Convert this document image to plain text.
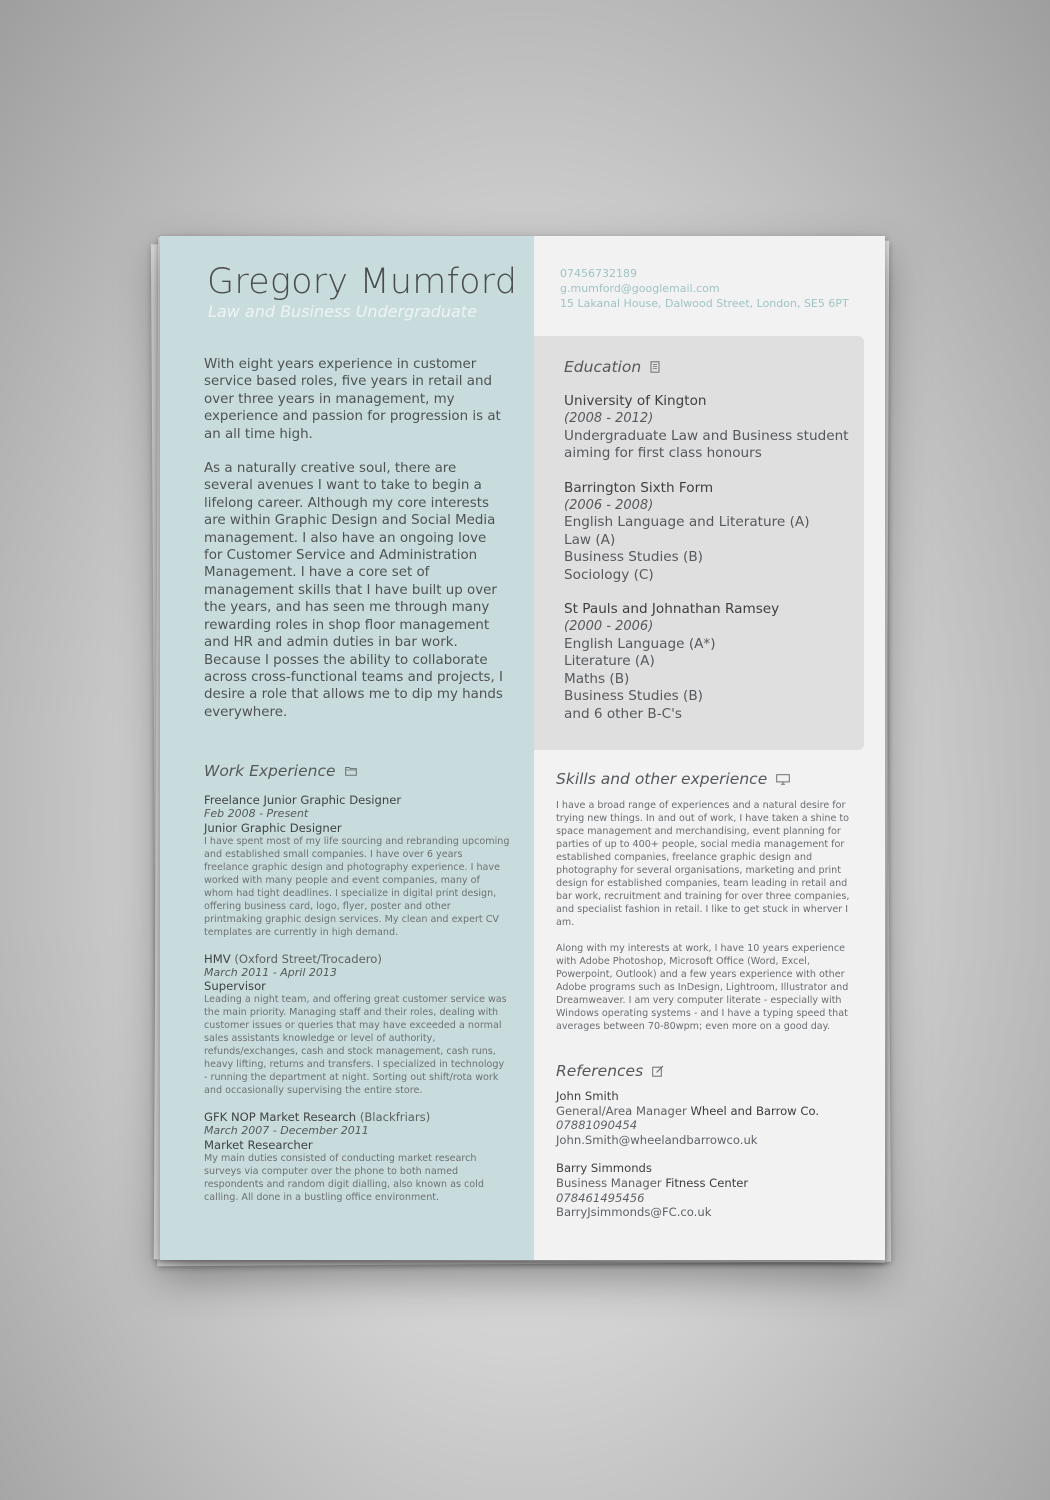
Gregory Mumford
Law and Business Undergraduate

With eight years experience in customer service based roles, five years in retail and over three years in management, my experience and passion for progression is at an all time high.

As a naturally creative soul, there are several avenues I want to take to begin a lifelong career. Although my core interests are within Graphic Design and Social Media management. I also have an ongoing love for Customer Service and Administration Management. I have a core set of management skills that I have built up over the years, and has seen me through many rewarding roles in shop floor management and HR and admin duties in bar work. Because I posses the ability to collaborate across cross-functional teams and projects, I desire a role that allows me to dip my hands everywhere.

Work Experience
Freelance Junior Graphic Designer
Feb 2008 - Present
Junior Graphic Designer
I have spent most of my life sourcing and rebranding upcoming and established small companies. I have over 6 years freelance graphic design and photography experience. I have worked with many people and event companies, many of whom had tight deadlines. I specialize in digital print design, offering business card, logo, flyer, poster and other printmaking graphic design services. My clean and expert CV templates are currently in high demand.
HMV (Oxford Street/Trocadero)
March 2011 - April 2013
Supervisor
Leading a night team, and offering great customer service was the main priority. Managing staff and their roles, dealing with customer issues or queries that may have exceeded a normal sales assistants knowledge or level of authority, refunds/exchanges, cash and stock management, cash runs, heavy lifting, returns and transfers. I specialized in technology - running the department at night. Sorting out shift/rota work and occasionally supervising the entire store.
GFK NOP Market Research (Blackfriars)
March 2007 - December 2011
Market Researcher
My main duties consisted of conducting market research surveys via computer over the phone to both named respondents and random digit dialling, also known as cold calling. All done in a bustling office environment.
07456732189
g.mumford@googlemail.com
15 Lakanal House, Dalwood Street, London, SE5 6PT
Education
University of Kington
(2008 - 2012)
Undergraduate Law and Business student aiming for first class honours
Barrington Sixth Form
(2006 - 2008)
English Language and Literature (A)
Law (A)
Business Studies (B)
Sociology (C)
St Pauls and Johnathan Ramsey
(2000 - 2006)
English Language (A*)
Literature (A)
Maths (B)
Business Studies (B)
and 6 other B-C's
Skills and other experience

I have a broad range of experiences and a natural desire for trying new things. In and out of work, I have taken a shine to space management and merchandising, event planning for parties of up to 400+ people, social media management for established companies, freelance graphic design and photography for several organisations, marketing and print design for established companies, team leading in retail and bar work, recruitment and training for over three companies, and specialist fashion in retail. I like to get stuck in wherver I am.

Along with my interests at work, I have 10 years experience with Adobe Photoshop, Microsoft Office (Word, Excel, Powerpoint, Outlook) and a few years experience with other Adobe programs such as InDesign, Lightroom, Illustrator and Dreamweaver. I am very computer literate - especially with Windows operating systems - and I have a typing speed that averages between 70-80wpm; even more on a good day.

References
John Smith
General/Area Manager Wheel and Barrow Co.
07881090454
John.Smith@wheelandbarrowco.uk
Barry Simmonds
Business Manager Fitness Center
078461495456
BarryJsimmonds@FC.co.uk
